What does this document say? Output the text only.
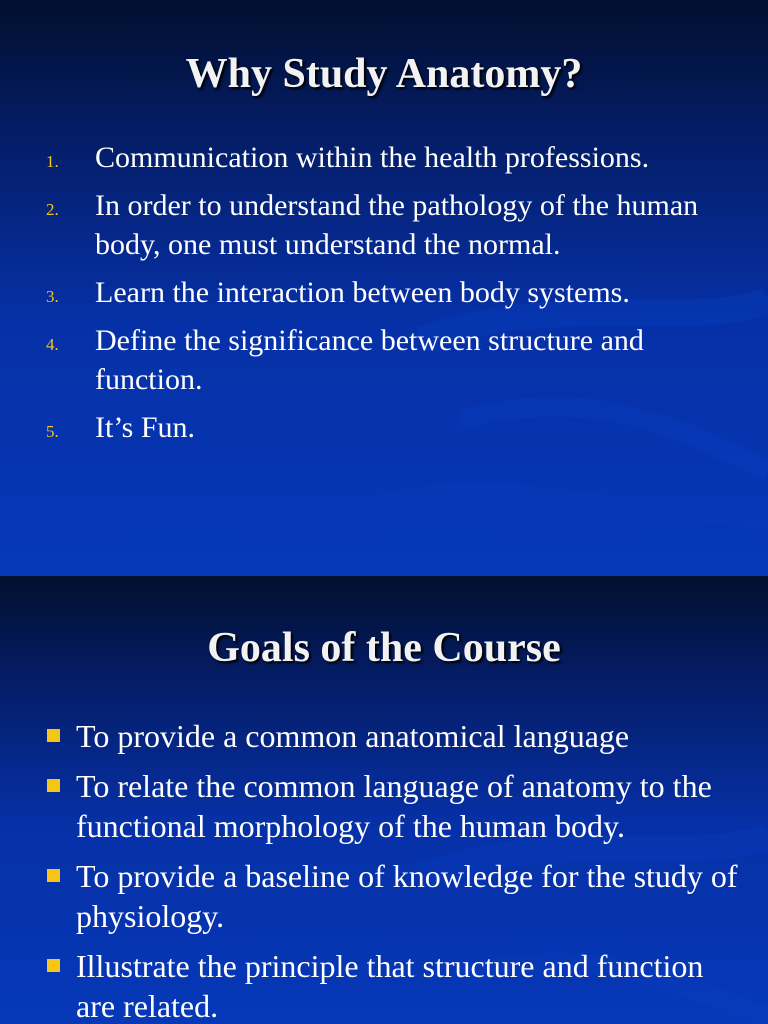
Why Study Anatomy?
1. Communication within the health professions.
2. In order to understand the pathology of the human body, one must understand the normal.
3. Learn the interaction between body systems.
4. Define the significance between structure and function.
5. It’s Fun.
Goals of the Course
To provide a common anatomical language
To relate the common language of anatomy to the functional morphology of the human body.
To provide a baseline of knowledge for the study of physiology.
Illustrate the principle that structure and function are related.
